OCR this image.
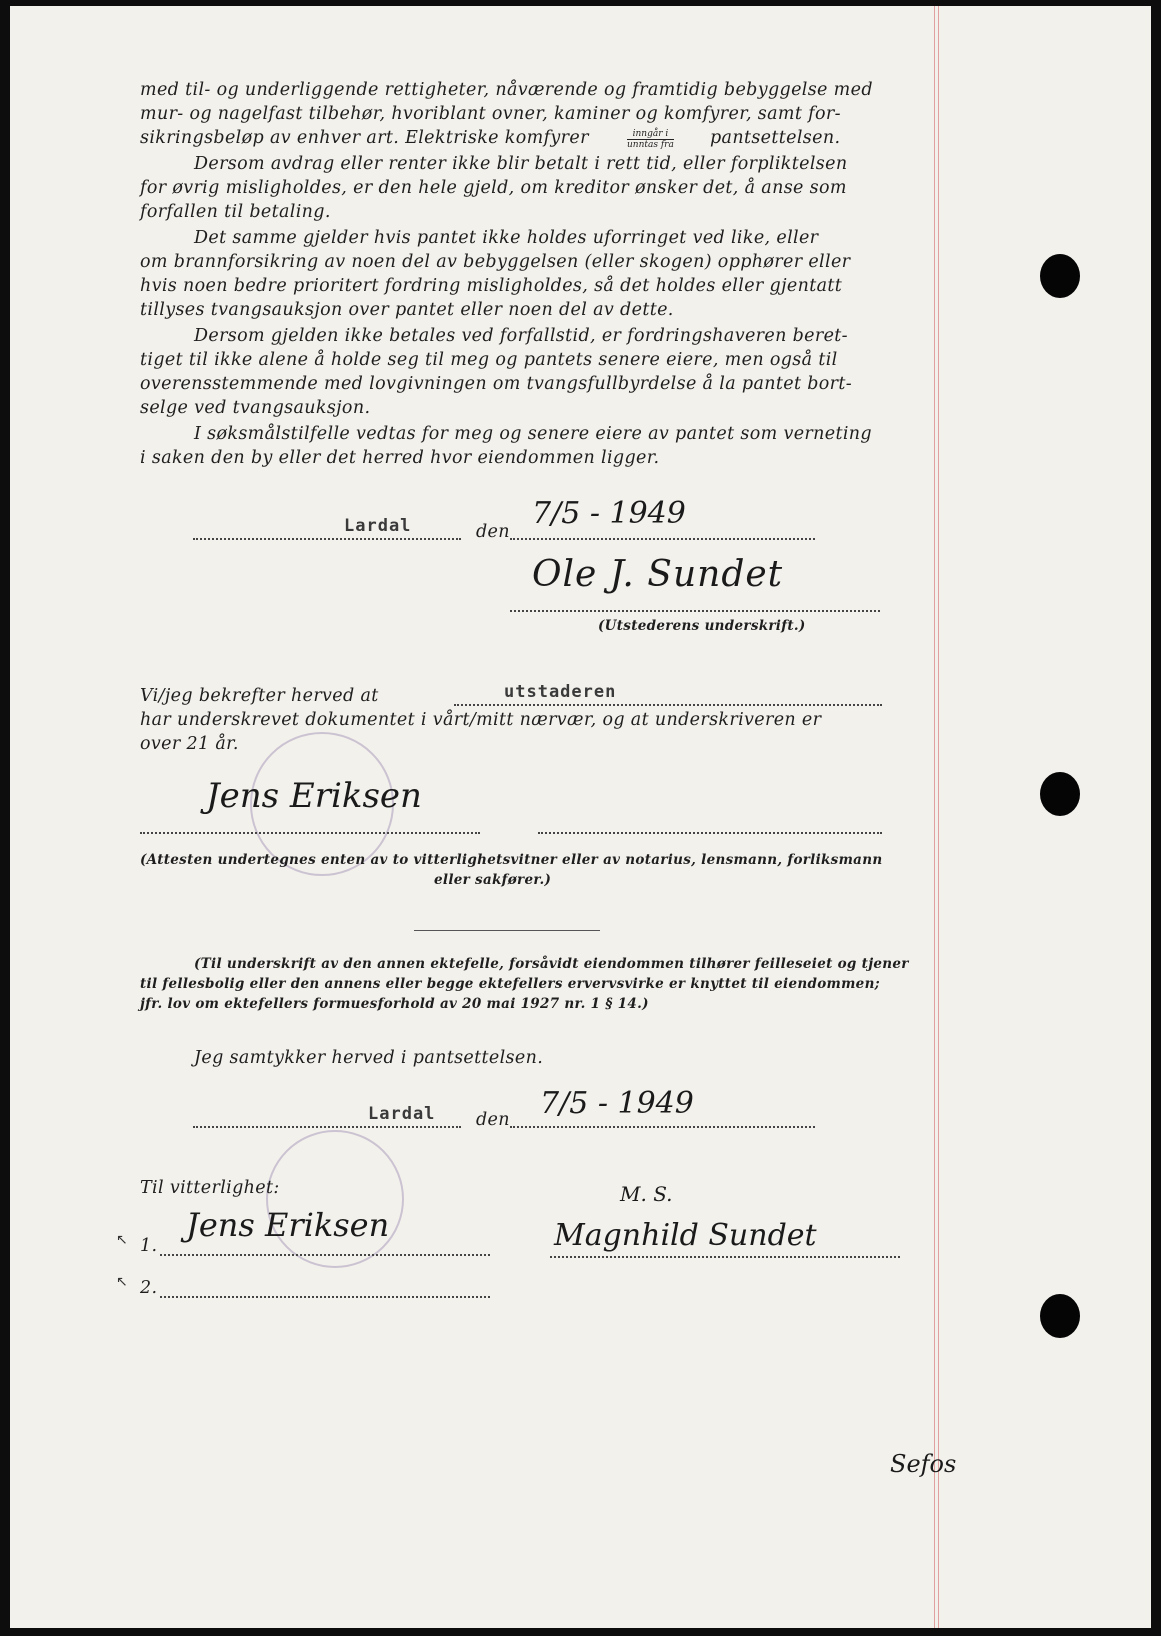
med til- og underliggende rettigheter, nåværende og framtidig bebyggelse med
mur- og nagelfast tilbehør, hvoriblant ovner, kaminer og komfyrer, samt for-
sikringsbeløp av enhver art. Elektriske komfyrer	inngår i
unntas fra pantsettelsen.
Dersom avdrag eller renter ikke blir betalt i rett tid, eller forpliktelsen
for øvrig misligholdes, er den hele gjeld, om kreditor ønsker det, å anse som
forfallen til betaling.
Det samme gjelder hvis pantet ikke holdes uforringet ved like, eller
om brannforsikring av noen del av bebyggelsen (eller skogen) opphører eller
hvis noen bedre prioritert fordring misligholdes, så det holdes eller gjentatt
tillyses tvangsauksjon over pantet eller noen del av dette.
Dersom gjelden ikke betales ved forfallstid, er fordringshaveren beret-
tiget til ikke alene å holde seg til meg og pantets senere eiere, men også til
overensstemmende med lovgivningen om tvangsfullbyrdelse å la pantet bort-
selge ved tvangsauksjon.
I søksmålstilfelle vedtas for meg og senere eiere av pantet som verneting
i saken den by eller det herred hvor eiendommen ligger.
Lardal	den
7/5 - 1949
Ole J. Sundet
(Utstederens underskrift.)
Vi/jeg bekrefter herved at	utstaderen
har underskrevet dokumentet i vårt/mitt nærvær, og at underskriveren er
over 21 år.
Jens Eriksen
(Attesten undertegnes enten av to vitterlighetsvitner eller av notarius, lensmann, forliksmann
eller sakfører.)
(Til underskrift av den annen ektefelle, forsåvidt eiendommen tilhører feilleseiet og tjener
til fellesbolig eller den annens eller begge ektefellers ervervsvirke er knyttet til eiendommen;
jfr. lov om ektefellers formuesforhold av 20 mai 1927 nr. 1 § 14.)
Jeg samtykker herved i pantsettelsen.
Lardal den 7/5 - 1949
Til vitterlighet:
↖ 1.
Jens Eriksen
↖ 2.
M. S.
Magnhild Sundet
Sefos
